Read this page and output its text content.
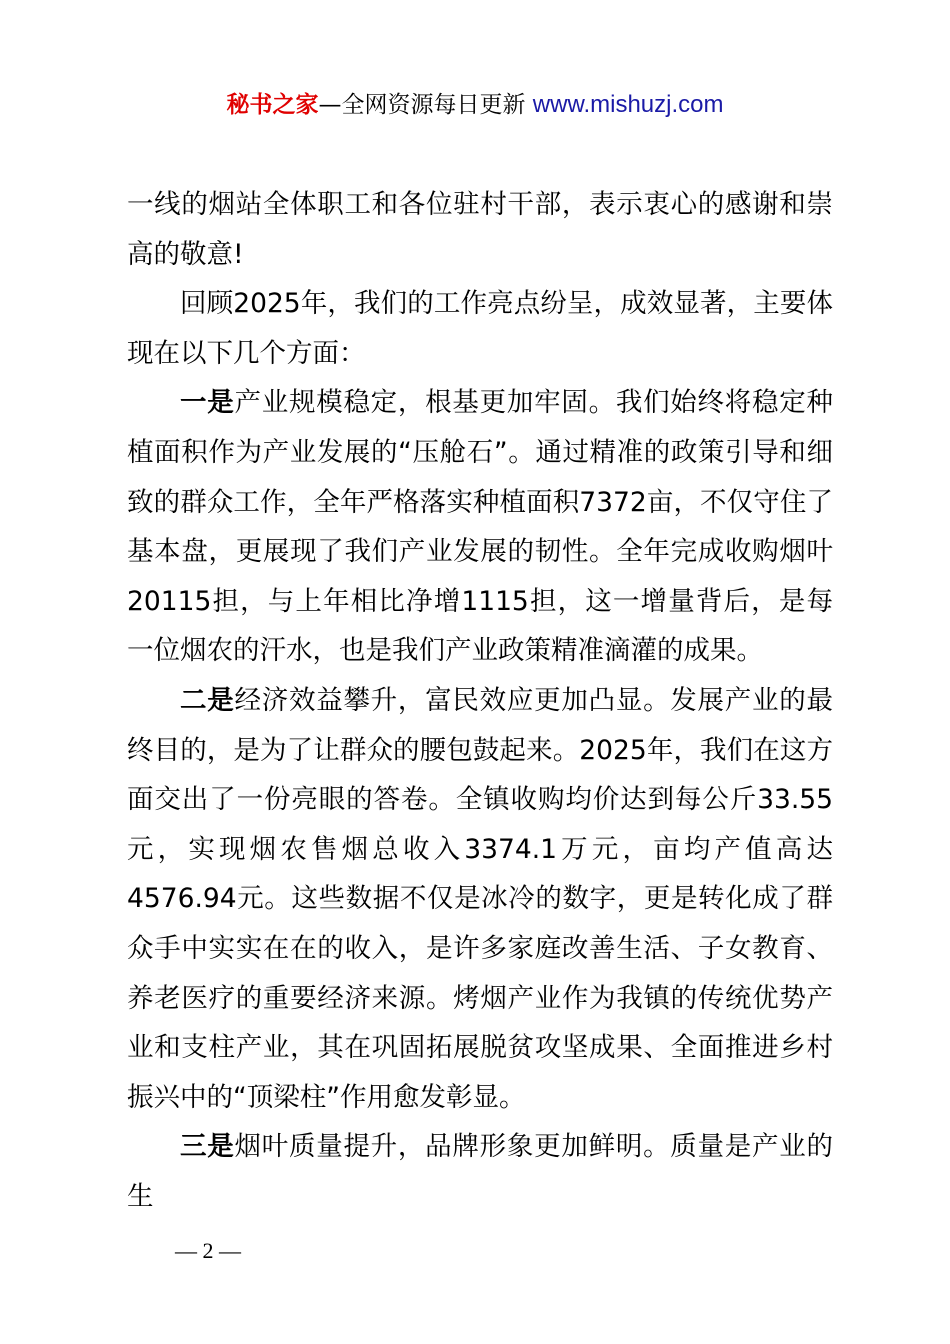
秘书之家—全网资源每日更新 www.mishuzj.com

一线的烟站全体职工和各位驻村干部，表示衷心的感谢和崇高的敬意!

回顾2025年，我们的工作亮点纷呈，成效显著，主要体现在以下几个方面：

一是产业规模稳定，根基更加牢固。我们始终将稳定种植面积作为产业发展的“压舱石”。通过精准的政策引导和细致的群众工作，全年严格落实种植面积7372亩，不仅守住了基本盘，更展现了我们产业发展的韧性。全年完成收购烟叶20115担，与上年相比净增1115担，这一增量背后，是每一位烟农的汗水，也是我们产业政策精准滴灌的成果。

二是经济效益攀升，富民效应更加凸显。发展产业的最终目的，是为了让群众的腰包鼓起来。2025年，我们在这方面交出了一份亮眼的答卷。全镇收购均价达到每公斤33.55元，实现烟农售烟总收入3374.1万元，亩均产值高达4576.94元。这些数据不仅是冰冷的数字，更是转化成了群众手中实实在在的收入，是许多家庭改善生活、子女教育、养老医疗的重要经济来源。烤烟产业作为我镇的传统优势产业和支柱产业，其在巩固拓展脱贫攻坚成果、全面推进乡村振兴中的“顶梁柱”作用愈发彰显。

三是烟叶质量提升，品牌形象更加鲜明。质量是产业的生

— 2 —
